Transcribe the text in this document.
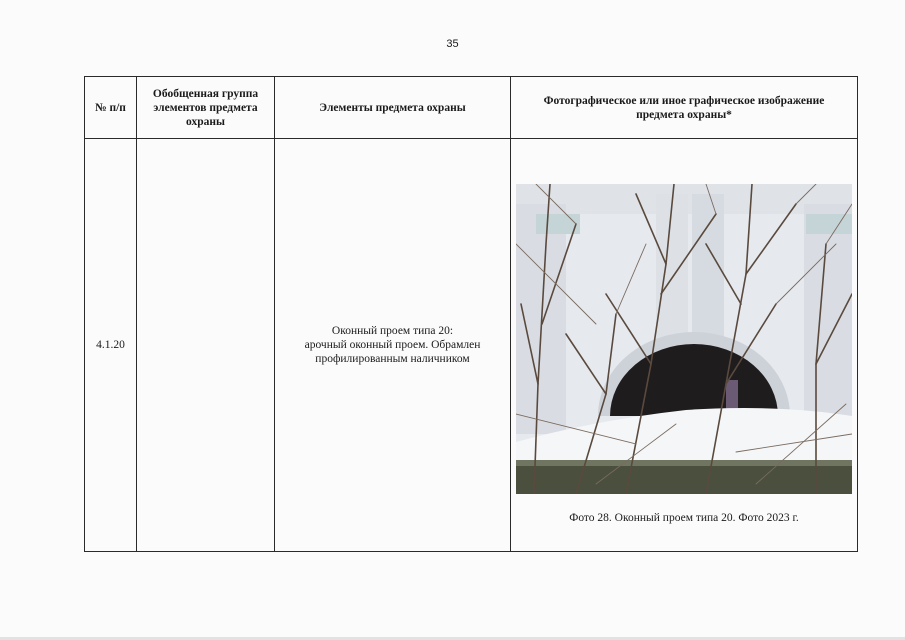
35
№ п/п	Обобщенная группа элементов предмета охраны	Элементы предмета охраны	Фотографическое или иное графическое изображение предмета охраны*
4.1.20		Оконный проем типа 20:
арочный оконный проем. Обрамлен
профилированным наличником	Фото 28. Оконный проем типа 20. Фото 2023 г.
